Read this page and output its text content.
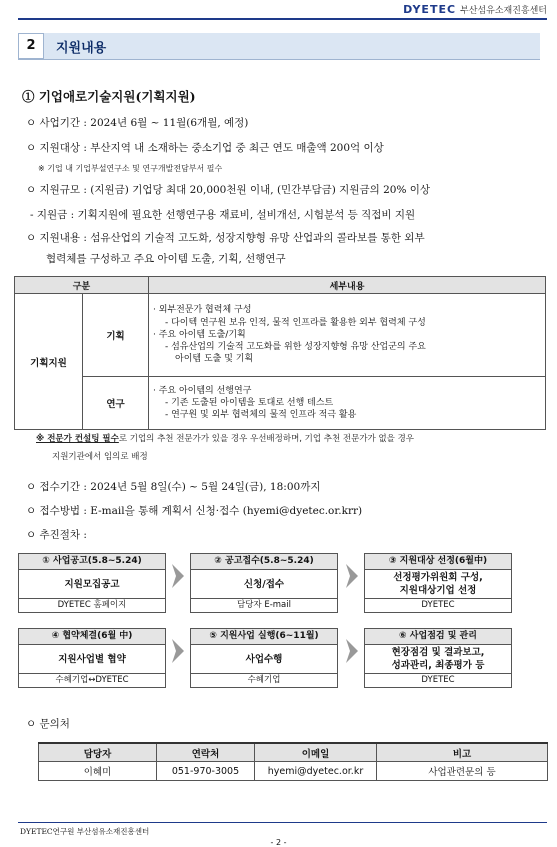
DYETEC 부산섬유소재진흥센터
2	지원내용
① 기업애로기술지원(기획지원)
ㅇ 사업기간 : 2024년 6월 ~ 11월(6개월, 예정)
ㅇ 지원대상 : 부산지역 내 소재하는 중소기업 중 최근 연도 매출액 200억 이상
※ 기업 내 기업부설연구소 및 연구개발전담부서 필수
ㅇ 지원규모 : (지원금) 기업당 최대 20,000천원 이내, (민간부담금) 지원금의 20% 이상
- 지원금 : 기획지원에 필요한 선행연구용 재료비, 설비개선, 시험분석 등 직접비 지원
ㅇ 지원내용 : 섬유산업의 기술적 고도화, 성장지향형 유망 산업과의 콜라보를 통한 외부
협력체를 구성하고 주요 아이템 도출, 기획, 선행연구
구분		세부내용
기획지원	기획	· 외부전문가 협력체 구성
- 다이텍 연구원 보유 인적, 물적 인프라를 활용한 외부 협력체 구성
· 주요 아이템 도출/기획
- 섬유산업의 기술적 고도화를 위한 성장지향형 유망 산업군의 주요
아이템 도출 및 기획

	연구	· 주요 아이템의 선행연구
- 기존 도출된 아이템을 토대로 선행 테스트
- 연구원 및 외부 협력체의 물적 인프라 적극 활용
※ 전문가 컨설팅 필수로 기업의 추천 전문가가 있을 경우 우선배정하며, 기업 추천 전문가가 없을 경우
지원기관에서 임의로 배정
ㅇ 접수기간 : 2024년 5월 8일(수) ~ 5월 24일(금), 18:00까지
ㅇ 접수방법 : E-mail을 통해 계획서 신청·접수 (hyemi@dyetec.or.krr)
ㅇ 추진절차 :
① 사업공고(5.8~5.24)
지원모집공고
DYETEC 홈페이지
② 공고접수(5.8~5.24)
신청/접수
담당자 E-mail
③ 지원대상 선정(6월中)
선정평가위원회 구성,
지원대상기업 선정
DYETEC
④ 협약체결(6월 中)
지원사업별 협약
수혜기업↔DYETEC
⑤ 지원사업 실행(6~11월)
사업수행
수혜기업
⑥ 사업점검 및 관리
현장점검 및 결과보고,
성과관리, 최종평가 등
DYETEC
ㅇ 문의처
담당자	연락처	이메일	비고
이혜미	051-970-3005	hyemi@dyetec.or.kr	사업관련문의 등
DYETEC연구원 부산섬유소재진흥센터
- 2 -
